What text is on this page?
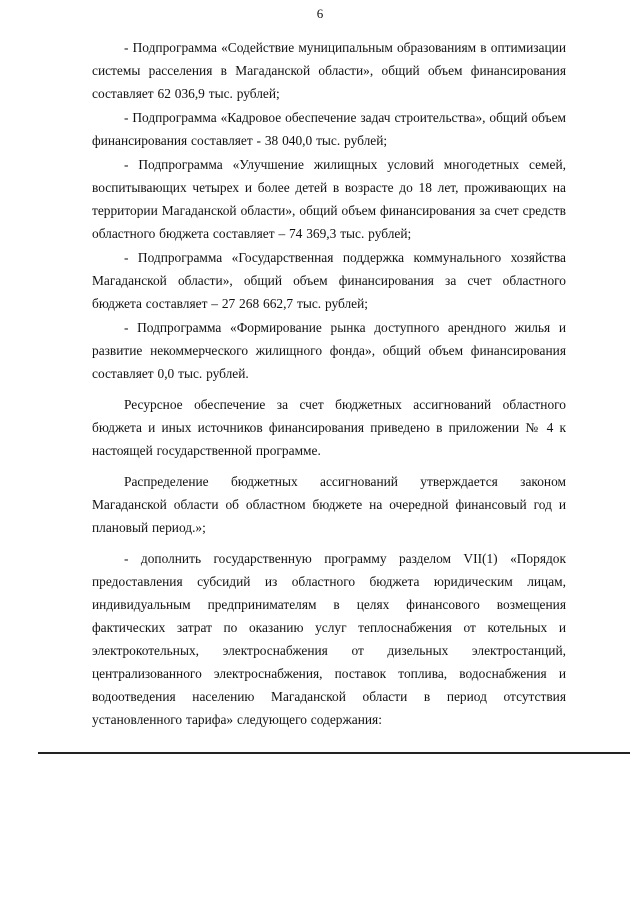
6

- Подпрограмма «Содействие муниципальным образованиям в оптимизации системы расселения в Магаданской области», общий объем финансирования составляет 62 036,9 тыс. рублей;

- Подпрограмма «Кадровое обеспечение задач строительства», общий объем финансирования составляет - 38 040,0 тыс. рублей;

- Подпрограмма «Улучшение жилищных условий многодетных семей, воспитывающих четырех и более детей в возрасте до 18 лет, проживающих на территории Магаданской области», общий объем финансирования за счет средств областного бюджета составляет – 74 369,3 тыс. рублей;

- Подпрограмма «Государственная поддержка коммунального хозяйства Магаданской области», общий объем финансирования за счет областного бюджета составляет – 27 268 662,7 тыс. рублей;

- Подпрограмма «Формирование рынка доступного арендного жилья и развитие некоммерческого жилищного фонда», общий объем финансирования составляет 0,0 тыс. рублей.

Ресурсное обеспечение за счет бюджетных ассигнований областного бюджета и иных источников финансирования приведено в приложении № 4 к настоящей государственной программе.

Распределение бюджетных ассигнований утверждается законом Магаданской области об областном бюджете на очередной финансовый год и плановый период.»;

- дополнить государственную программу разделом VII(1) «Порядок предоставления субсидий из областного бюджета юридическим лицам, индивидуальным предпринимателям в целях финансового возмещения фактических затрат по оказанию услуг теплоснабжения от котельных и электрокотельных, электроснабжения от дизельных электростанций, централизованного электроснабжения, поставок топлива, водоснабжения и водоотведения населению Магаданской области в период отсутствия установленного тарифа» следующего содержания:
